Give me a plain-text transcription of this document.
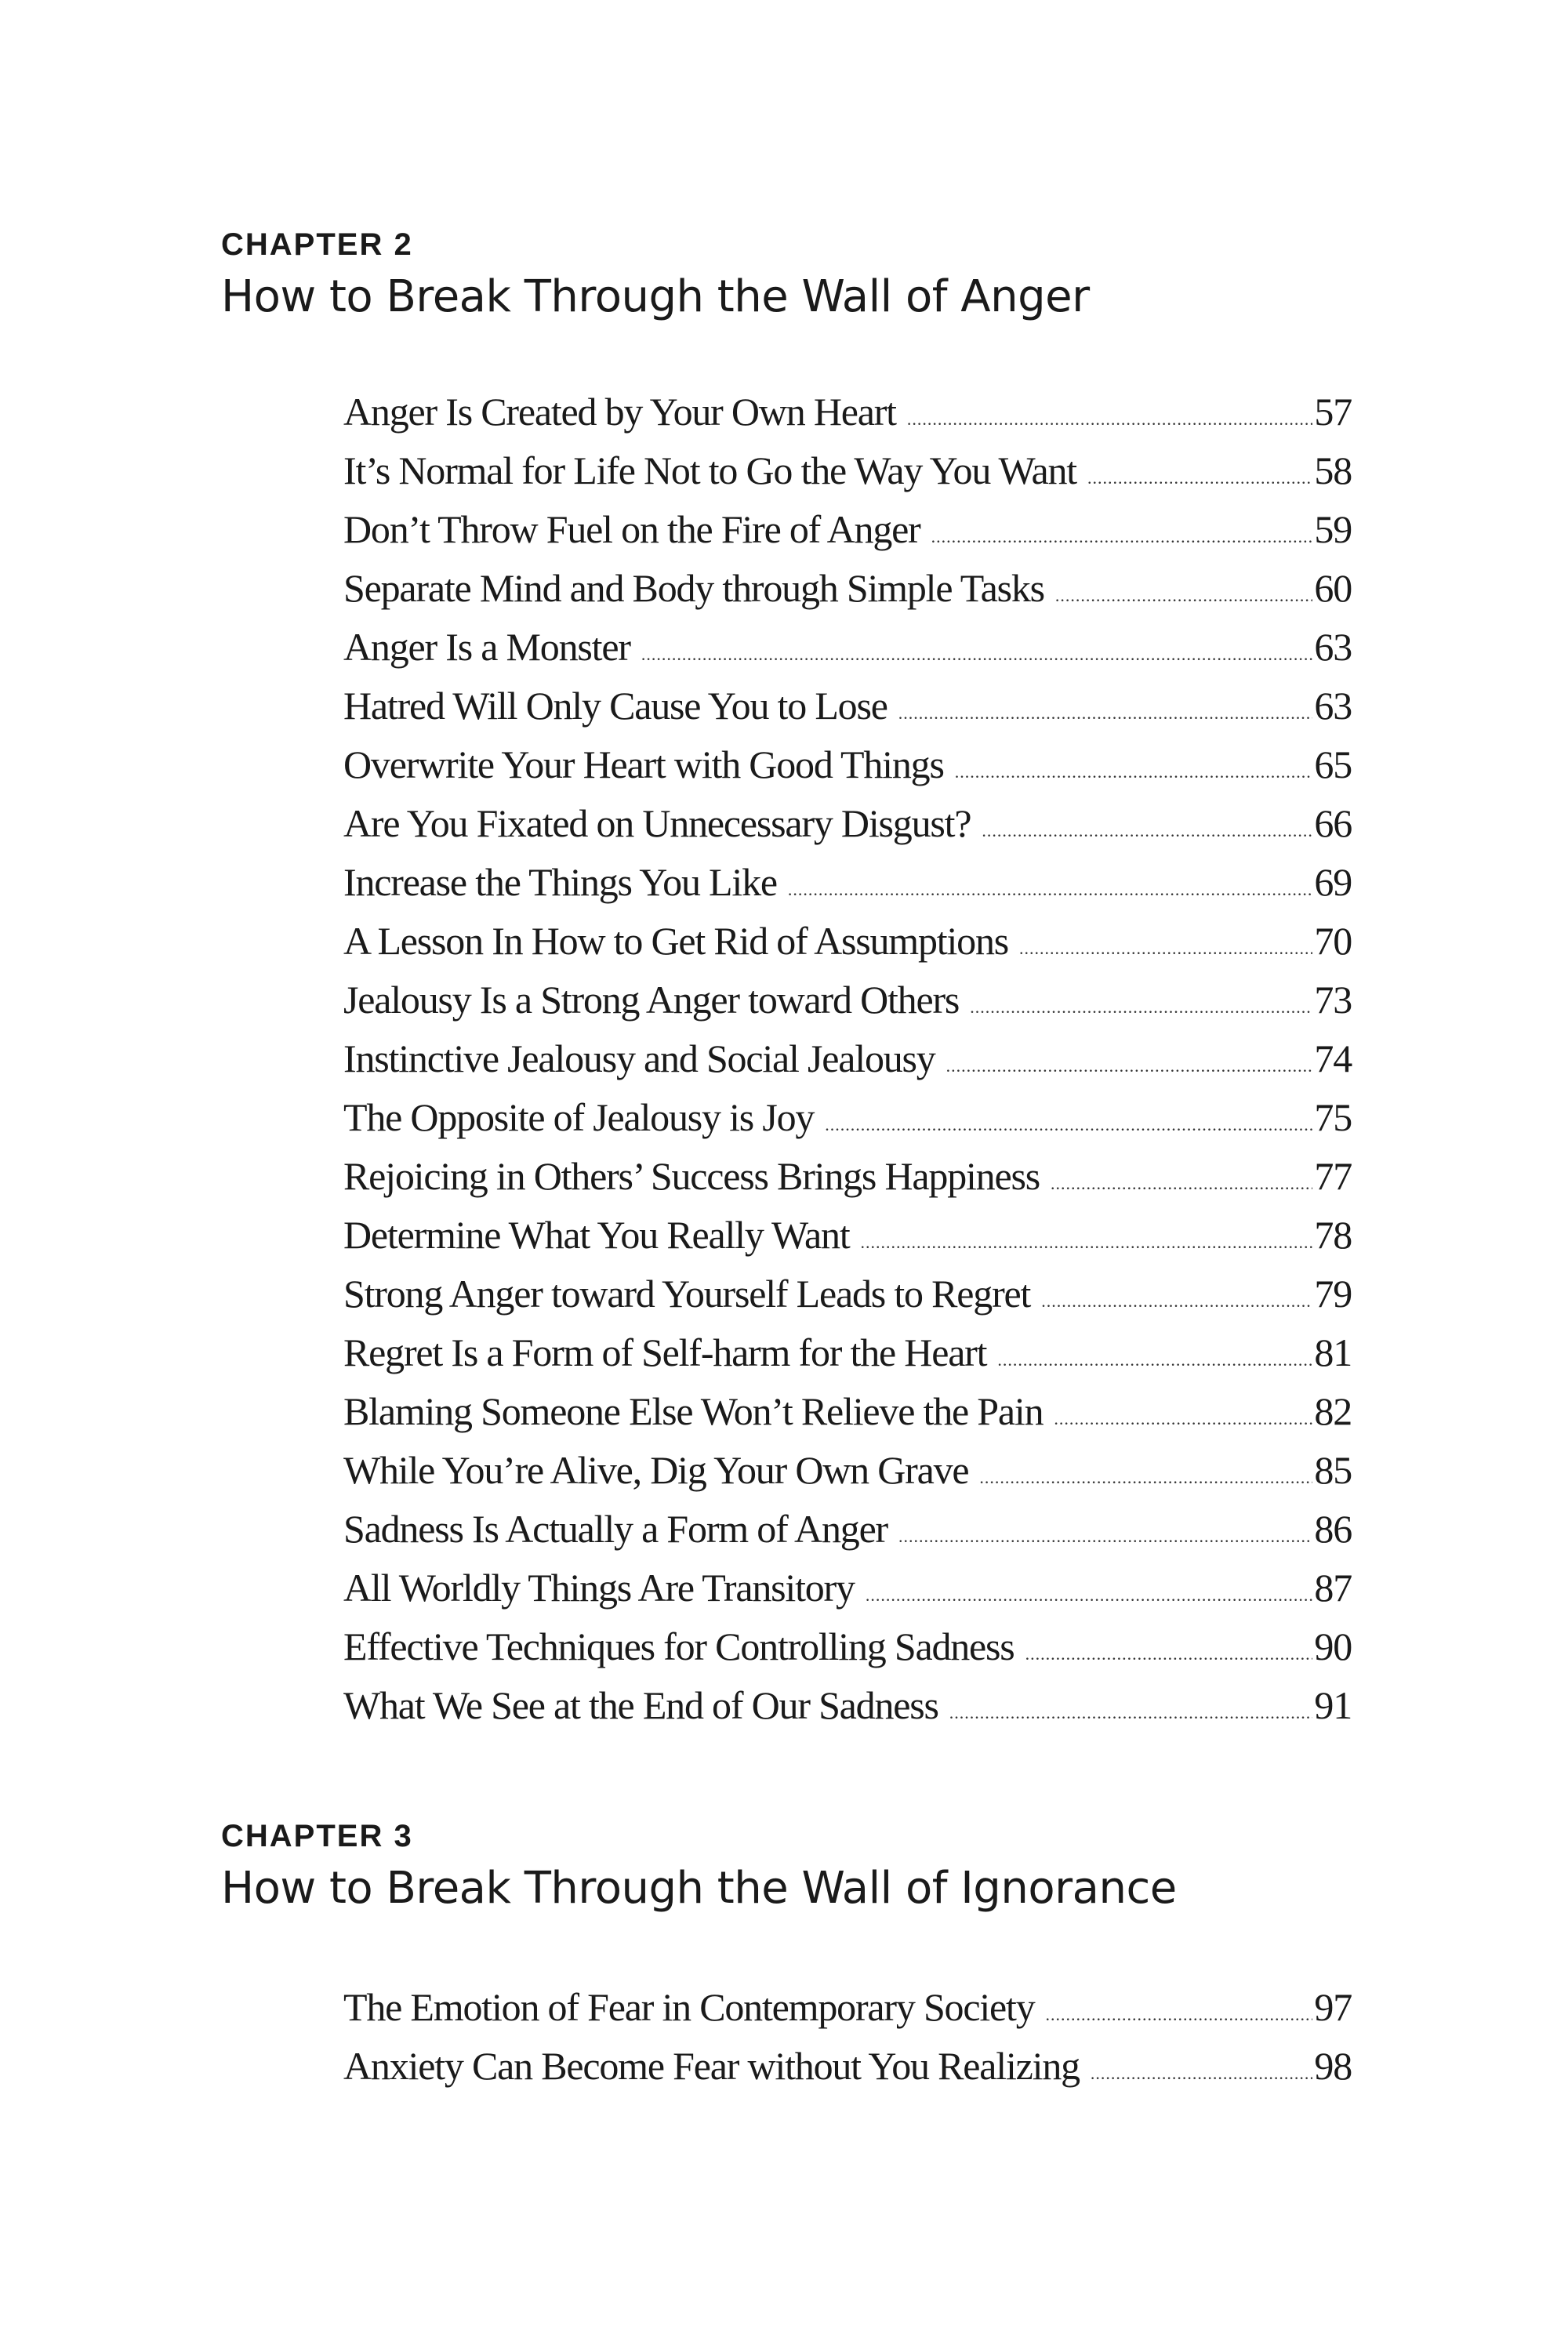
CHAPTER 2
How to Break Through the Wall of Anger
Anger Is Created by Your Own Heart .....	57
It’s Normal for Life Not to Go the Way You Want .....	58
Don’t Throw Fuel on the Fire of Anger .....	59
Separate Mind and Body through Simple Tasks .....	60
Anger Is a Monster .....	63
Hatred Will Only Cause You to Lose .....	63
Overwrite Your Heart with Good Things .....	65
Are You Fixated on Unnecessary Disgust? .....	66
Increase the Things You Like .....	69
A Lesson In How to Get Rid of Assumptions .....	70
Jealousy Is a Strong Anger toward Others .....	73
Instinctive Jealousy and Social Jealousy .....	74
The Opposite of Jealousy is Joy .....	75
Rejoicing in Others’ Success Brings Happiness .....	77
Determine What You Really Want .....	78
Strong Anger toward Yourself Leads to Regret .....	79
Regret Is a Form of Self-harm for the Heart .....	81
Blaming Someone Else Won’t Relieve the Pain .....	82
While You’re Alive, Dig Your Own Grave .....	85
Sadness Is Actually a Form of Anger .....	86
All Worldly Things Are Transitory .....	87
Effective Techniques for Controlling Sadness .....	90
What We See at the End of Our Sadness .....	91
CHAPTER 3
How to Break Through the Wall of Ignorance
The Emotion of Fear in Contemporary Society .....	97
Anxiety Can Become Fear without You Realizing .....	98
